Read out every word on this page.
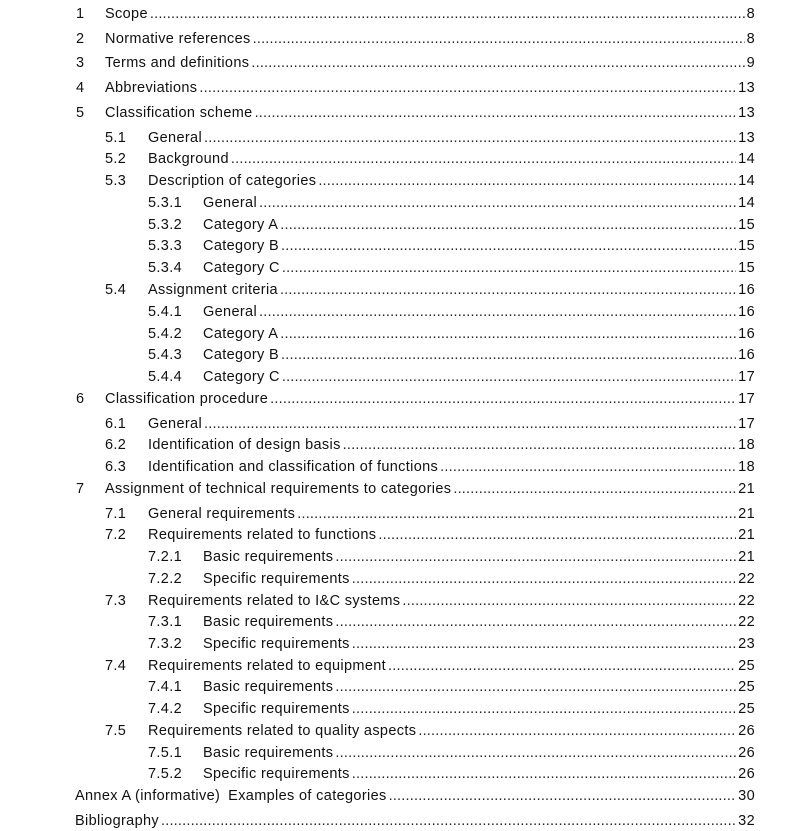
1 Scope .....	8
2 Normative references .....	8
3 Terms and definitions .....	9
4 Abbreviations .....	13
5 Classification scheme .....	13
5.1 General .....	13
5.2 Background .....	14
5.3 Description of categories .....	14
5.3.1 General .....	14
5.3.2 Category A .....	15
5.3.3 Category B .....	15
5.3.4 Category C .....	15
5.4 Assignment criteria .....	16
5.4.1 General .....	16
5.4.2 Category A .....	16
5.4.3 Category B .....	16
5.4.4 Category C .....	17
6 Classification procedure .....	17
6.1 General .....	17
6.2 Identification of design basis .....	18
6.3 Identification and classification of functions .....	18
7 Assignment of technical requirements to categories .....	21
7.1 General requirements .....	21
7.2 Requirements related to functions .....	21
7.2.1 Basic requirements .....	21
7.2.2 Specific requirements .....	22
7.3 Requirements related to I&C systems .....	22
7.3.1 Basic requirements .....	22
7.3.2 Specific requirements .....	23
7.4 Requirements related to equipment .....	25
7.4.1 Basic requirements .....	25
7.4.2 Specific requirements .....	25
7.5 Requirements related to quality aspects .....	26
7.5.1 Basic requirements .....	26
7.5.2 Specific requirements .....	26
Annex A (informative) Examples of categories .....	30
Bibliography .....	32
